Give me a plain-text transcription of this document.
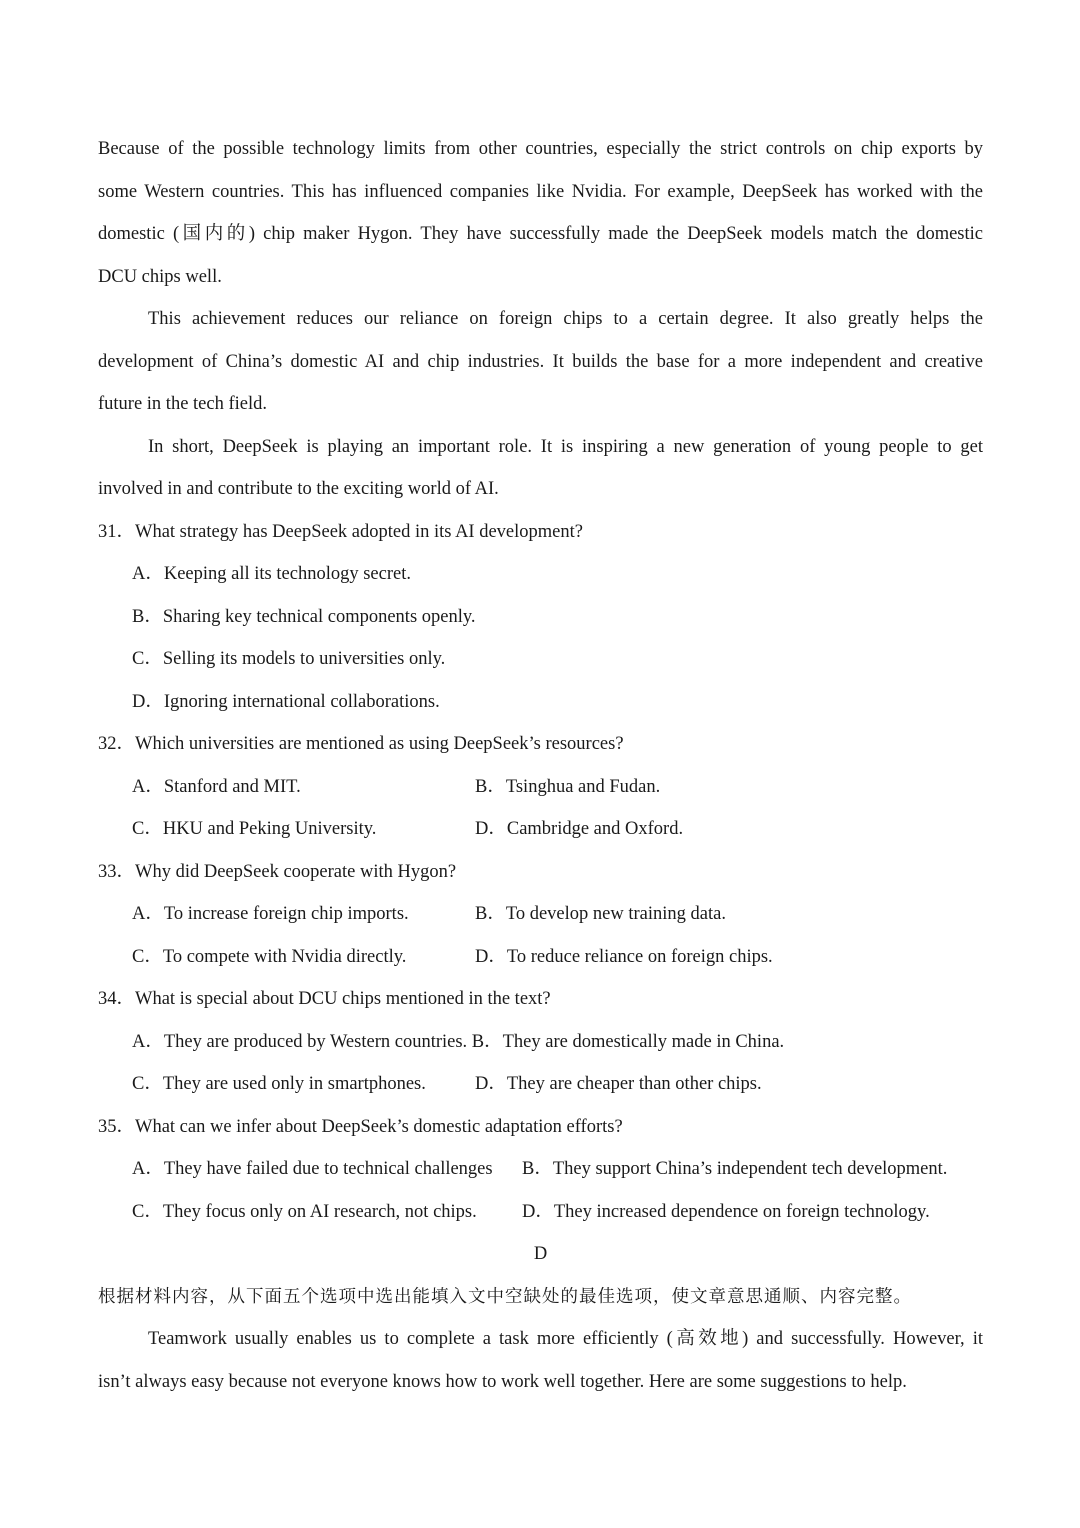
Because of the possible technology limits from other countries, especially the strict controls on chip exports by
some Western countries. This has influenced companies like Nvidia. For example, DeepSeek has worked with the
domestic (国内的) chip maker Hygon. They have successfully made the DeepSeek models match the domestic
DCU chips well.
This achievement reduces our reliance on foreign chips to a certain degree. It also greatly helps the
development of China’s domestic AI and chip industries. It builds the base for a more independent and creative
future in the tech field.
In short, DeepSeek is playing an important role. It is inspiring a new generation of young people to get
involved in and contribute to the exciting world of AI.
31．What strategy has DeepSeek adopted in its AI development?
A．Keeping all its technology secret.
B．Sharing key technical components openly.
C．Selling its models to universities only.
D．Ignoring international collaborations.
32．Which universities are mentioned as using DeepSeek’s resources?
A．Stanford and MIT.	B．Tsinghua and Fudan.
C．HKU and Peking University.	D．Cambridge and Oxford.
33．Why did DeepSeek cooperate with Hygon?
A．To increase foreign chip imports.	B．To develop new training data.
C．To compete with Nvidia directly.	D．To reduce reliance on foreign chips.
34．What is special about DCU chips mentioned in the text?
A．They are produced by Western countries. B．They are domestically made in China.
C．They are used only in smartphones.	D．They are cheaper than other chips.
35．What can we infer about DeepSeek’s domestic adaptation efforts?
A．They have failed due to technical challenges B．They support China’s independent tech development.
C．They focus only on AI research, not chips. D．They increased dependence on foreign technology.
D
根据材料内容，从下面五个选项中选出能填入文中空缺处的最佳选项，使文章意思通顺、内容完整。
Teamwork usually enables us to complete a task more efficiently (高效地) and successfully. However, it
isn’t always easy because not everyone knows how to work well together. Here are some suggestions to help.
